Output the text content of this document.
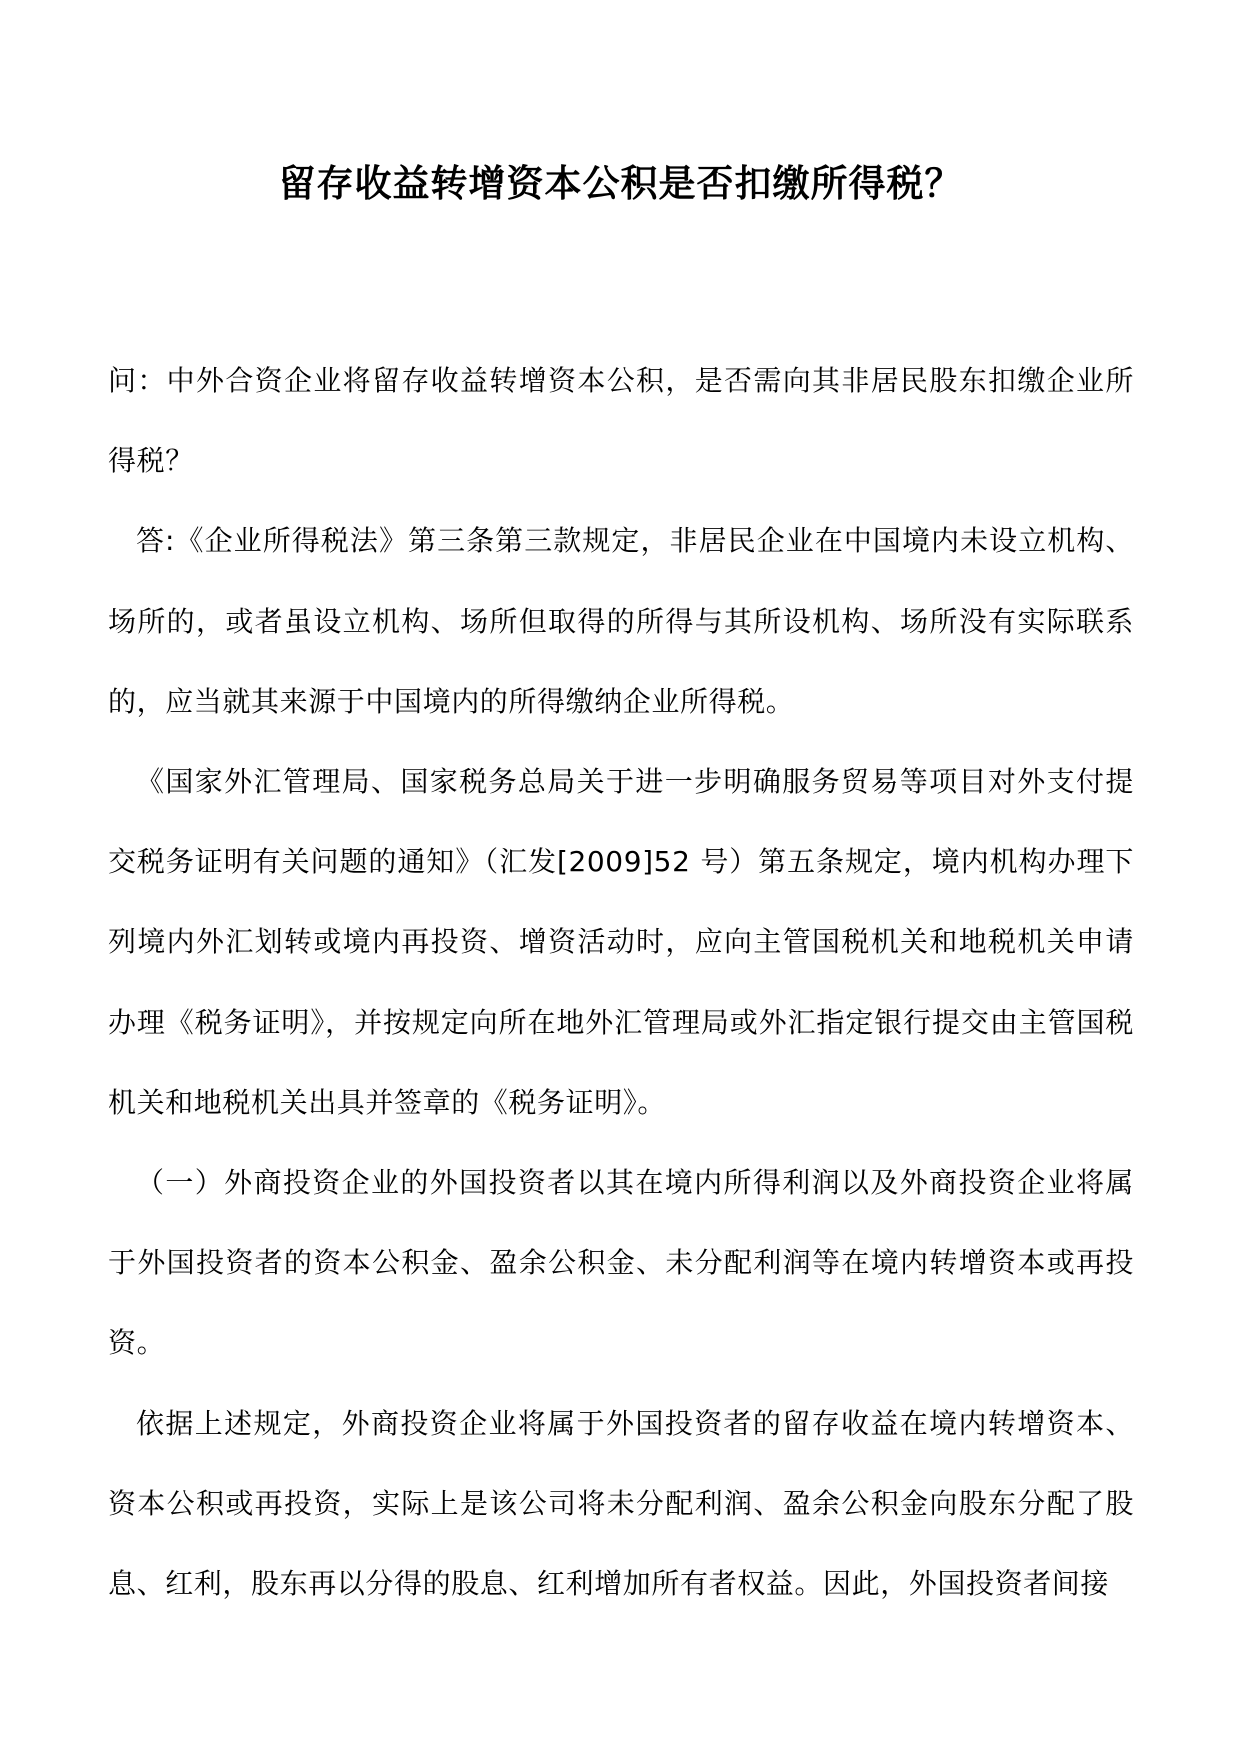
留存收益转增资本公积是否扣缴所得税？

问：中外合资企业将留存收益转增资本公积，是否需向其非居民股东扣缴企业所得税？

答:《企业所得税法》第三条第三款规定，非居民企业在中国境内未设立机构、场所的，或者虽设立机构、场所但取得的所得与其所设机构、场所没有实际联系的，应当就其来源于中国境内的所得缴纳企业所得税。

《国家外汇管理局、国家税务总局关于进一步明确服务贸易等项目对外支付提交税务证明有关问题的通知》（汇发[2009]52 号）第五条规定，境内机构办理下列境内外汇划转或境内再投资、增资活动时，应向主管国税机关和地税机关申请办理《税务证明》，并按规定向所在地外汇管理局或外汇指定银行提交由主管国税机关和地税机关出具并签章的《税务证明》。

（一）外商投资企业的外国投资者以其在境内所得利润以及外商投资企业将属于外国投资者的资本公积金、盈余公积金、未分配利润等在境内转增资本或再投资。

依据上述规定，外商投资企业将属于外国投资者的留存收益在境内转增资本、资本公积或再投资，实际上是该公司将未分配利润、盈余公积金向股东分配了股息、红利，股东再以分得的股息、红利增加所有者权益。因此，外国投资者间接
